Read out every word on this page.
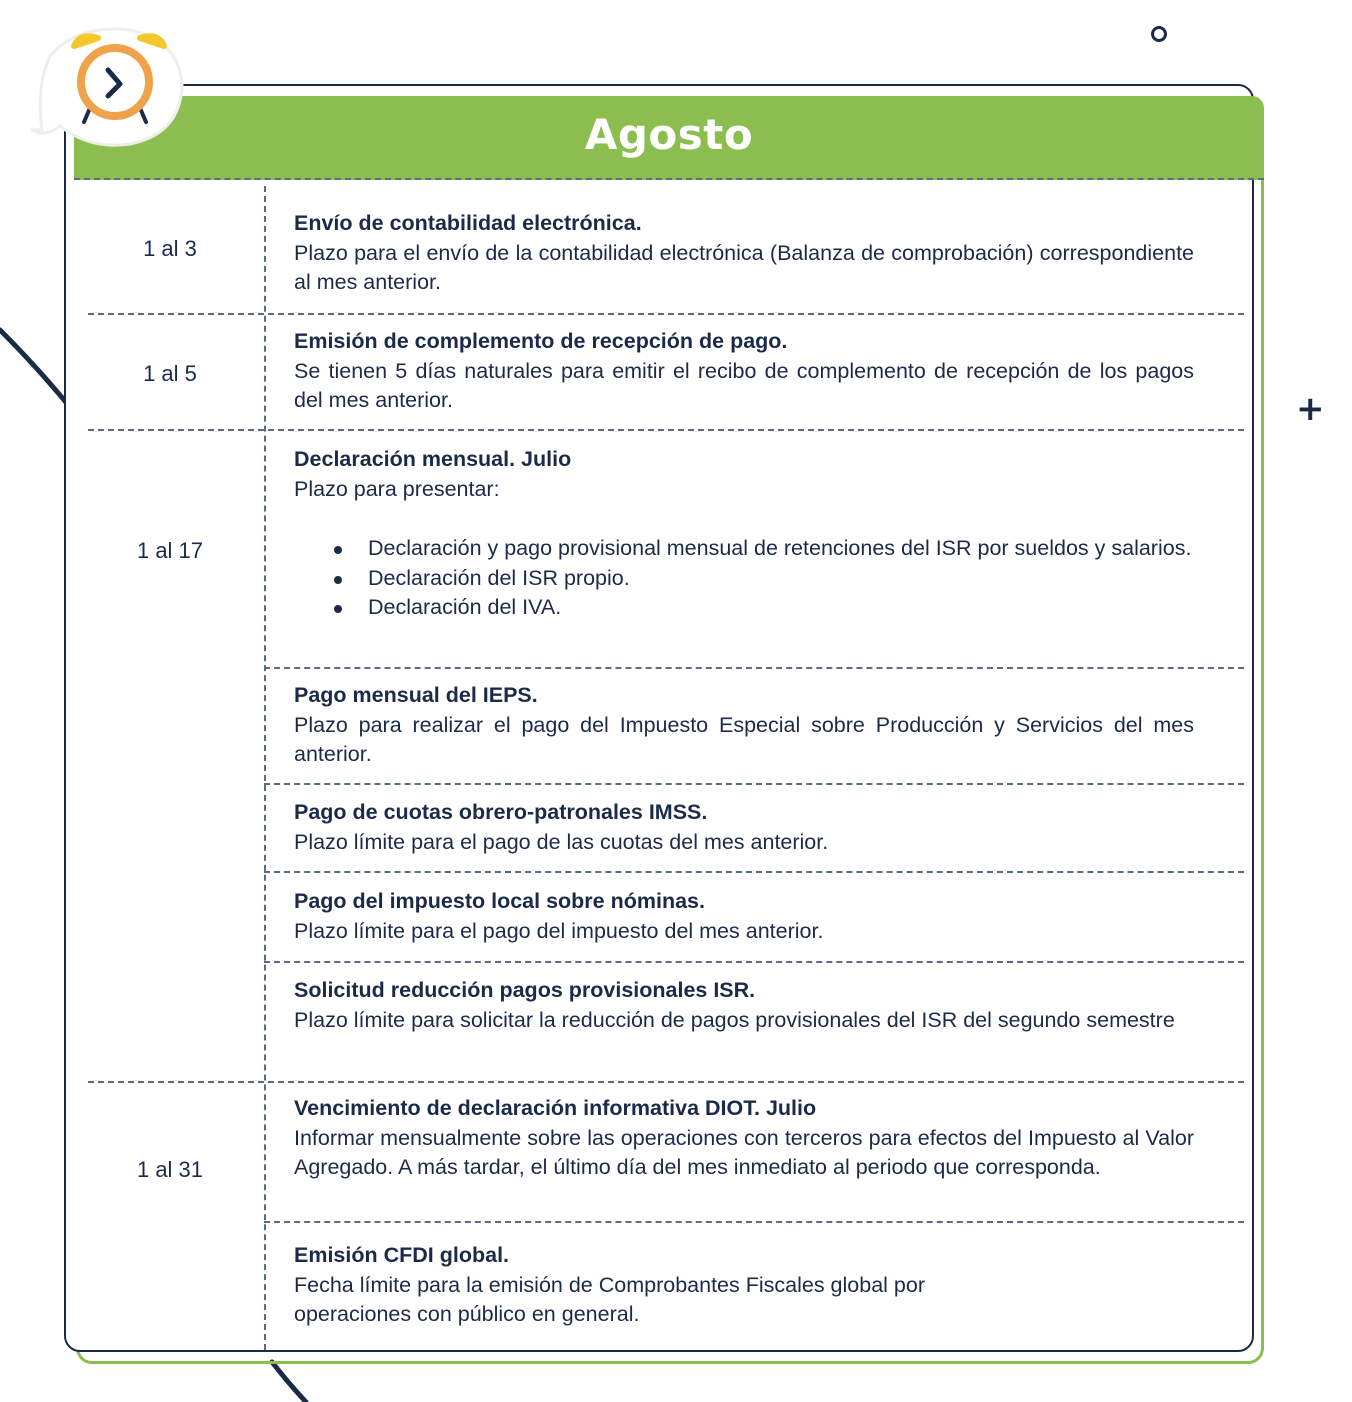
+
Agosto
1 al 3
1 al 5
1 al 17
1 al 31
Envío de contabilidad electrónica.
Plazo para el envío de la contabilidad electrónica (Balanza de comprobación) correspondiente al mes anterior.
Emisión de complemento de recepción de pago.
Se tienen 5 días naturales para emitir el recibo de complemento de recepción de los pagos del mes anterior.
Declaración mensual. Julio
Plazo para presentar:
Declaración y pago provisional mensual de retenciones del ISR por sueldos y salarios.
Declaración del ISR propio.
Declaración del IVA.
Pago mensual del IEPS.
Plazo para realizar el pago del Impuesto Especial sobre Producción y Servicios del mes anterior.
Pago de cuotas obrero-patronales IMSS.
Plazo límite para el pago de las cuotas del mes anterior.
Pago del impuesto local sobre nóminas.
Plazo límite para el pago del impuesto del mes anterior.
Solicitud reducción pagos provisionales ISR.
Plazo límite para solicitar la reducción de pagos provisionales del ISR del segundo semestre
Vencimiento de declaración informativa DIOT. Julio
Informar mensualmente sobre las operaciones con terceros para efectos del Impuesto al Valor Agregado. A más tardar, el último día del mes inmediato al periodo que corresponda.
Emisión CFDI global.
Fecha límite para la emisión de Comprobantes Fiscales global por operaciones con público en general.
